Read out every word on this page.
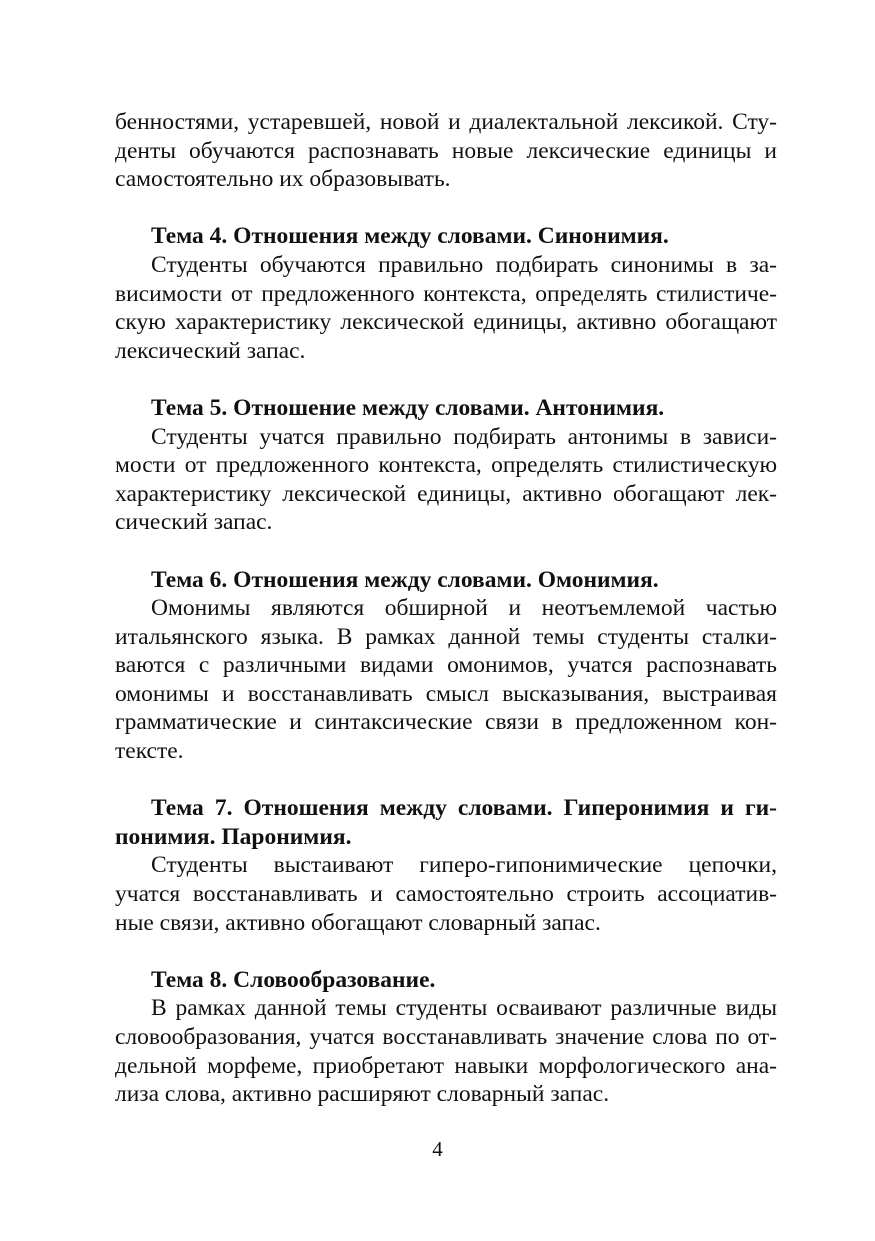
бенностями, устаревшей, новой и диалектальной лексикой. Сту-
денты обучаются распознавать новые лексические единицы и
самостоятельно их образовывать.
Тема 4. Отношения между словами. Синонимия.
Студенты обучаются правильно подбирать синонимы в за-
висимости от предложенного контекста, определять стилистиче-
скую характеристику лексической единицы, активно обогащают
лексический запас.
Тема 5. Отношение между словами. Антонимия.
Студенты учатся правильно подбирать антонимы в зависи-
мости от предложенного контекста, определять стилистическую
характеристику лексической единицы, активно обогащают лек-
сический запас.
Тема 6. Отношения между словами. Омонимия.
Омонимы являются обширной и неотъемлемой частью
итальянского языка. В рамках данной темы студенты сталки-
ваются с различными видами омонимов, учатся распознавать
омонимы и восстанавливать смысл высказывания, выстраивая
грамматические и синтаксические связи в предложенном кон-
тексте.
Тема 7. Отношения между словами. Гиперонимия и ги-
понимия. Паронимия.
Студенты выстаивают гиперо-гипонимические цепочки,
учатся восстанавливать и самостоятельно строить ассоциатив-
ные связи, активно обогащают словарный запас.
Тема 8. Словообразование.
В рамках данной темы студенты осваивают различные виды
словообразования, учатся восстанавливать значение слова по от-
дельной морфеме, приобретают навыки морфологического ана-
лиза слова, активно расширяют словарный запас.
4
